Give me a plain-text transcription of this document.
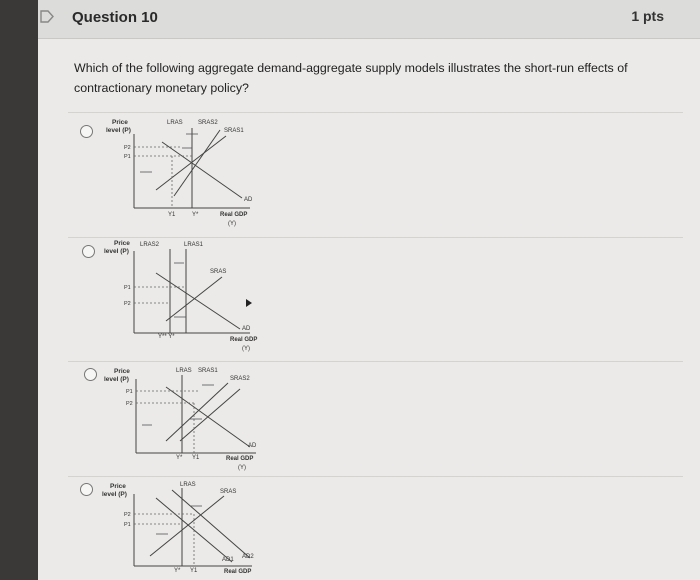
Question 10	1 pts
Which of the following aggregate demand-aggregate supply models illustrates the short-run effects of contractionary monetary policy?
Price
level (P)
P2
P1
LRAS	SRAS2
SRAS1
AD
Y1	Y*	Real GDP
(Y)
Price
level (P)
LRAS2	LRAS1
SRAS
P1
P2
AD
Y** Y*	Real GDP
(Y)
Price
level (P)
LRAS SRAS1
SRAS2
P1
P2
AD
Y* Y1	Real GDP
(Y)
Price
level (P)
LRAS
SRAS
P2
P1
AD1 AD2
Y* Y1	Real GDP
